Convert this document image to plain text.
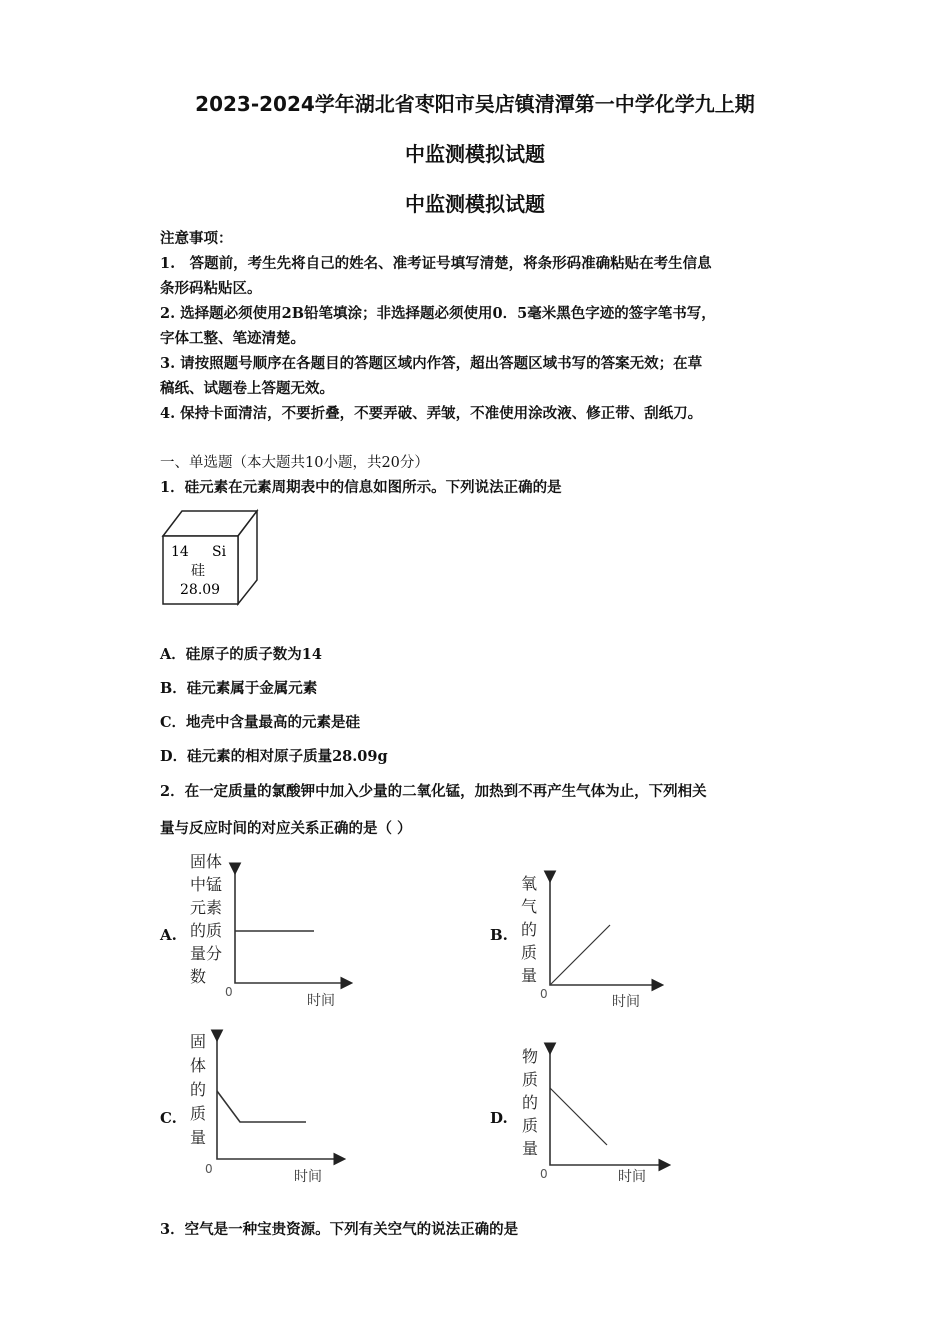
2023-2024学年湖北省枣阳市吴店镇清潭第一中学化学九上期
中监测模拟试题
中监测模拟试题
注意事项：
1.　答题前，考生先将自己的姓名、准考证号填写清楚，将条形码准确粘贴在考生信息
条形码粘贴区。
2. 选择题必须使用2B铅笔填涂；非选择题必须使用0．5毫米黑色字迹的签字笔书写，
字体工整、笔迹清楚。
3. 请按照题号顺序在各题目的答题区域内作答，超出答题区域书写的答案无效；在草
稿纸、试题卷上答题无效。
4. 保持卡面清洁，不要折叠，不要弄破、弄皱，不准使用涂改液、修正带、刮纸刀。
一、单选题（本大题共10小题，共20分）
1．硅元素在元素周期表中的信息如图所示。下列说法正确的是
14 Si
硅
28.09
A．硅原子的质子数为14
B．硅元素属于金属元素
C．地壳中含量最高的元素是硅
D．硅元素的相对原子质量28.09g
2．在一定质量的氯酸钾中加入少量的二氧化锰，加热到不再产生气体为止，下列相关
量与反应时间的对应关系正确的是（ ）
A.
固体中锰元素的质量分数
0
时间
B.
氧气的质量
0	时间
C.
固体的质量
0	时间
D.
物质的质量
0	时间
3．空气是一种宝贵资源。下列有关空气的说法正确的是
